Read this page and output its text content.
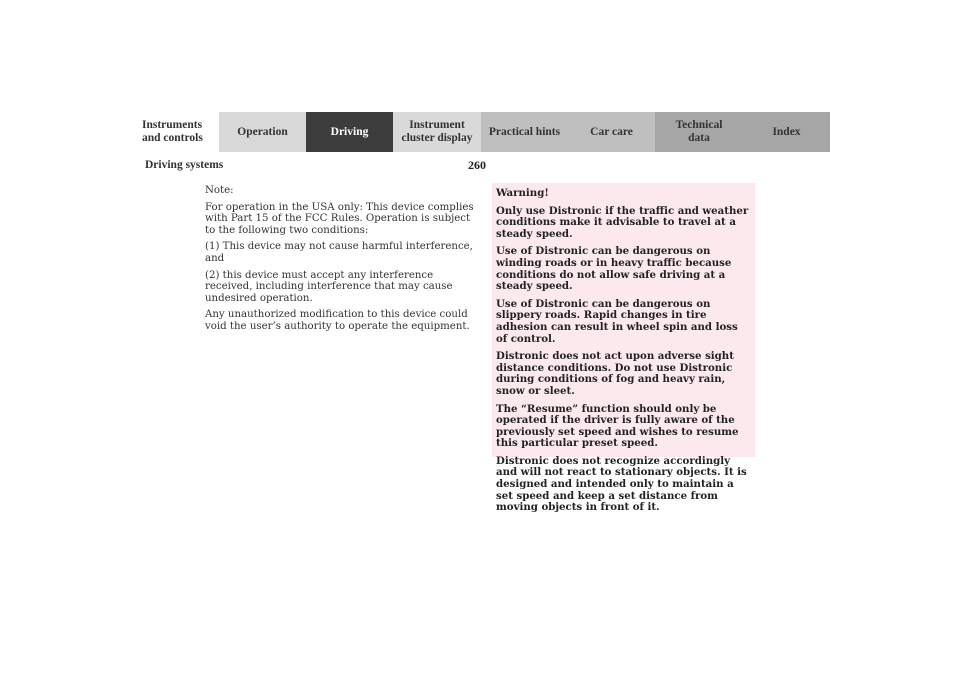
Instruments
and controls
Operation	Driving
Instrument
cluster display
Practical hints	Car care
Technical
data
Index
Driving systems	260

Note:

For operation in the USA only: This device complies with Part 15 of the FCC Rules. Operation is subject to the following two conditions:

(1) This device may not cause harmful interference, and

(2) this device must accept any interference received, including interference that may cause undesired operation.

Any unauthorized modification to this device could void the user’s authority to operate the equipment.

Warning!

Only use Distronic if the traffic and weather conditions make it advisable to travel at a steady speed.

Use of Distronic can be dangerous on winding roads or in heavy traffic because conditions do not allow safe driving at a steady speed.

Use of Distronic can be dangerous on slippery roads. Rapid changes in tire adhesion can result in wheel spin and loss of control.

Distronic does not act upon adverse sight distance conditions. Do not use Distronic during conditions of fog and heavy rain, snow or sleet.

The “Resume” function should only be operated if the driver is fully aware of the previously set speed and wishes to resume this particular preset speed.

Distronic does not recognize accordingly and will not react to stationary objects. It is designed and intended only to maintain a set speed and keep a set distance from moving objects in front of it.
